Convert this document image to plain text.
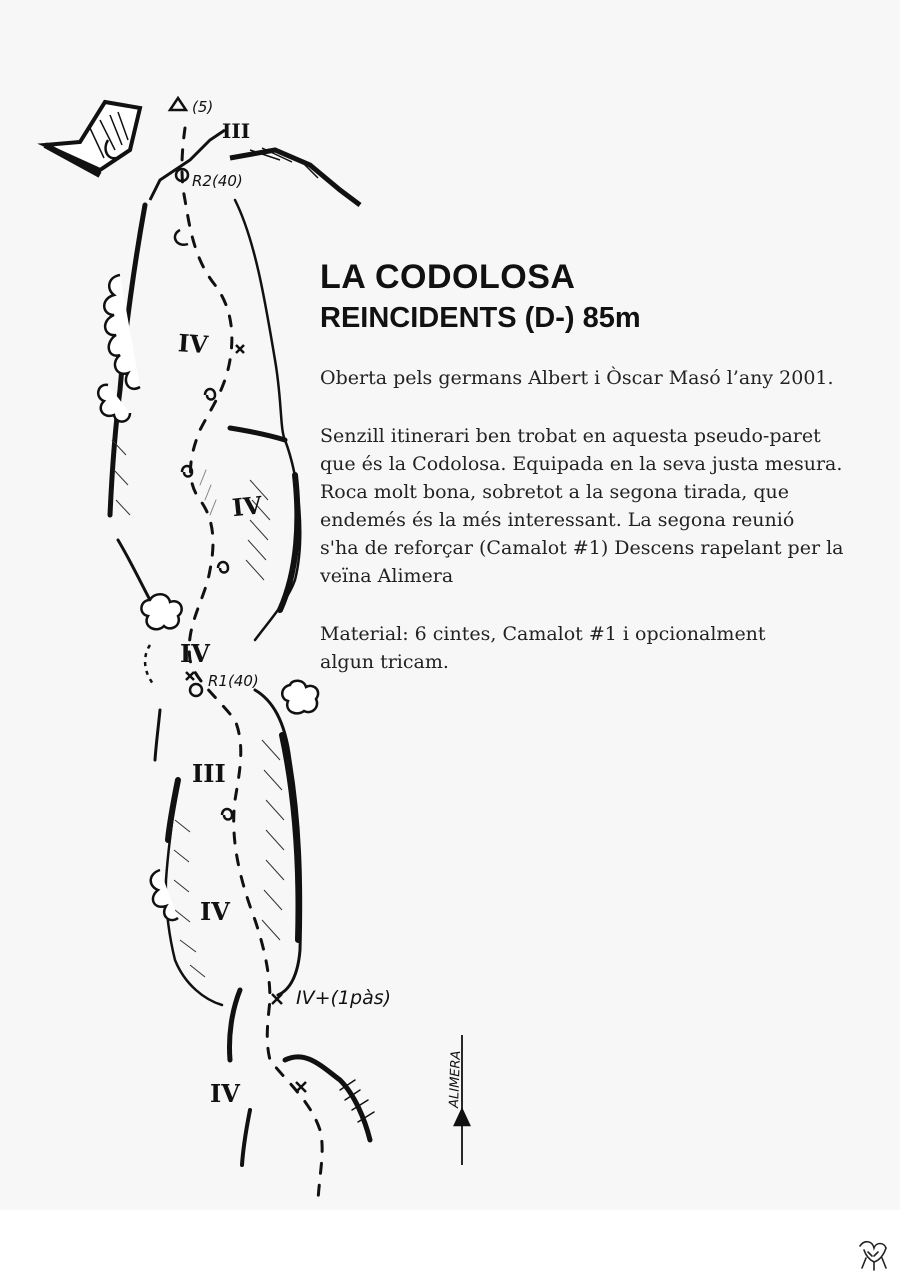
IV
IV
IV
III
IV
IV
III
(5)
R2(40)
R1(40)
IV+(1pàs)
ALIMERA
LA CODOLOSA
REINCIDENTS (D-) 85m

Oberta pels germans Albert i Òscar Masó l’any 2001.

Senzill itinerari ben trobat en aquesta pseudo-paret
que és la Codolosa. Equipada en la seva justa mesura.
Roca molt bona, sobretot a la segona tirada, que
endemés és la més interessant. La segona reunió
s'ha de reforçar (Camalot #1) Descens rapelant per la
veïna Alimera

Material: 6 cintes, Camalot #1 i opcionalment
algun tricam.
